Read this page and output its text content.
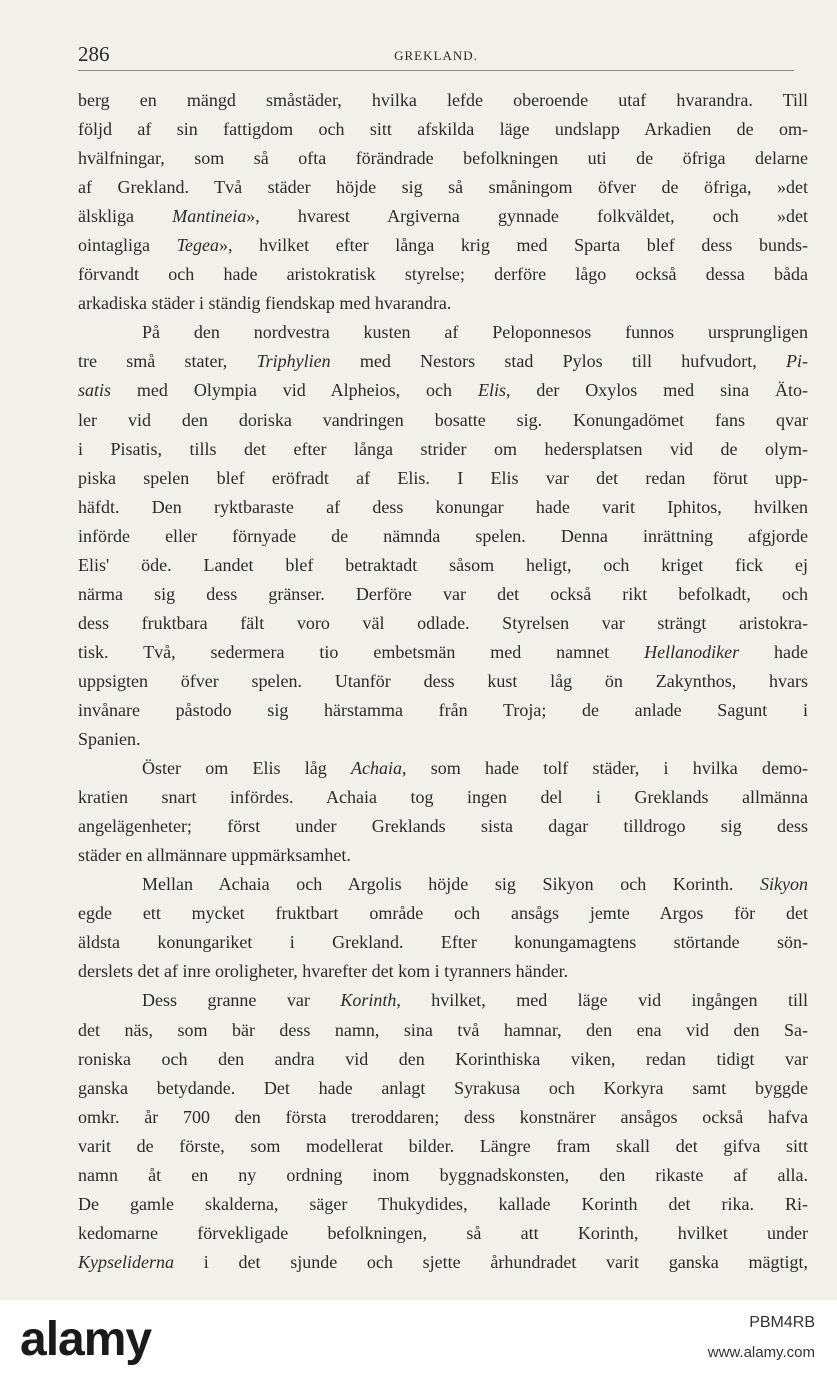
286	GREKLAND.
berg en mängd småstäder, hvilka lefde oberoende utaf hvarandra. Till
följd af sin fattigdom och sitt afskilda läge undslapp Arkadien de om-
hvälfningar, som så ofta förändrade befolkningen uti de öfriga delarne
af Grekland. Två städer höjde sig så småningom öfver de öfriga, »det
älskliga Mantineia», hvarest Argiverna gynnade folkväldet, och »det
ointagliga Tegea», hvilket efter långa krig med Sparta blef dess bunds-
förvandt och hade aristokratisk styrelse; derföre lågo också dessa båda
arkadiska städer i ständig fiendskap med hvarandra.
På den nordvestra kusten af Peloponnesos funnos ursprungligen
tre små stater, Triphylien med Nestors stad Pylos till hufvudort, Pi-
satis med Olympia vid Alpheios, och Elis, der Oxylos med sina Äto-
ler vid den doriska vandringen bosatte sig. Konungadömet fans qvar
i Pisatis, tills det efter långa strider om hedersplatsen vid de olym-
piska spelen blef eröfradt af Elis. I Elis var det redan förut upp-
häfdt. Den ryktbaraste af dess konungar hade varit Iphitos, hvilken
införde eller förnyade de nämnda spelen. Denna inrättning afgjorde
Elis' öde. Landet blef betraktadt såsom heligt, och kriget fick ej
närma sig dess gränser. Derföre var det också rikt befolkadt, och
dess fruktbara fält voro väl odlade. Styrelsen var strängt aristokra-
tisk. Två, sedermera tio embetsmän med namnet Hellanodiker hade
uppsigten öfver spelen. Utanför dess kust låg ön Zakynthos, hvars
invånare påstodo sig härstamma från Troja; de anlade Sagunt i
Spanien.
Öster om Elis låg Achaia, som hade tolf städer, i hvilka demo-
kratien snart infördes. Achaia tog ingen del i Greklands allmänna
angelägenheter; först under Greklands sista dagar tilldrogo sig dess
städer en allmännare uppmärksamhet.
Mellan Achaia och Argolis höjde sig Sikyon och Korinth. Sikyon
egde ett mycket fruktbart område och ansågs jemte Argos för det
äldsta konungariket i Grekland. Efter konungamagtens störtande sön-
derslets det af inre oroligheter, hvarefter det kom i tyranners händer.
Dess granne var Korinth, hvilket, med läge vid ingången till
det näs, som bär dess namn, sina två hamnar, den ena vid den Sa-
roniska och den andra vid den Korinthiska viken, redan tidigt var
ganska betydande. Det hade anlagt Syrakusa och Korkyra samt byggde
omkr. år 700 den första treroddaren; dess konstnärer ansågos också hafva
varit de förste, som modellerat bilder. Längre fram skall det gifva sitt
namn åt en ny ordning inom byggnadskonsten, den rikaste af alla.
De gamle skalderna, säger Thukydides, kallade Korinth det rika. Ri-
kedomarne förvekligade befolkningen, så att Korinth, hvilket under
Kypseliderna i det sjunde och sjette århundradet varit ganska mägtigt,
alamy	PBM4RB
www.alamy.com
